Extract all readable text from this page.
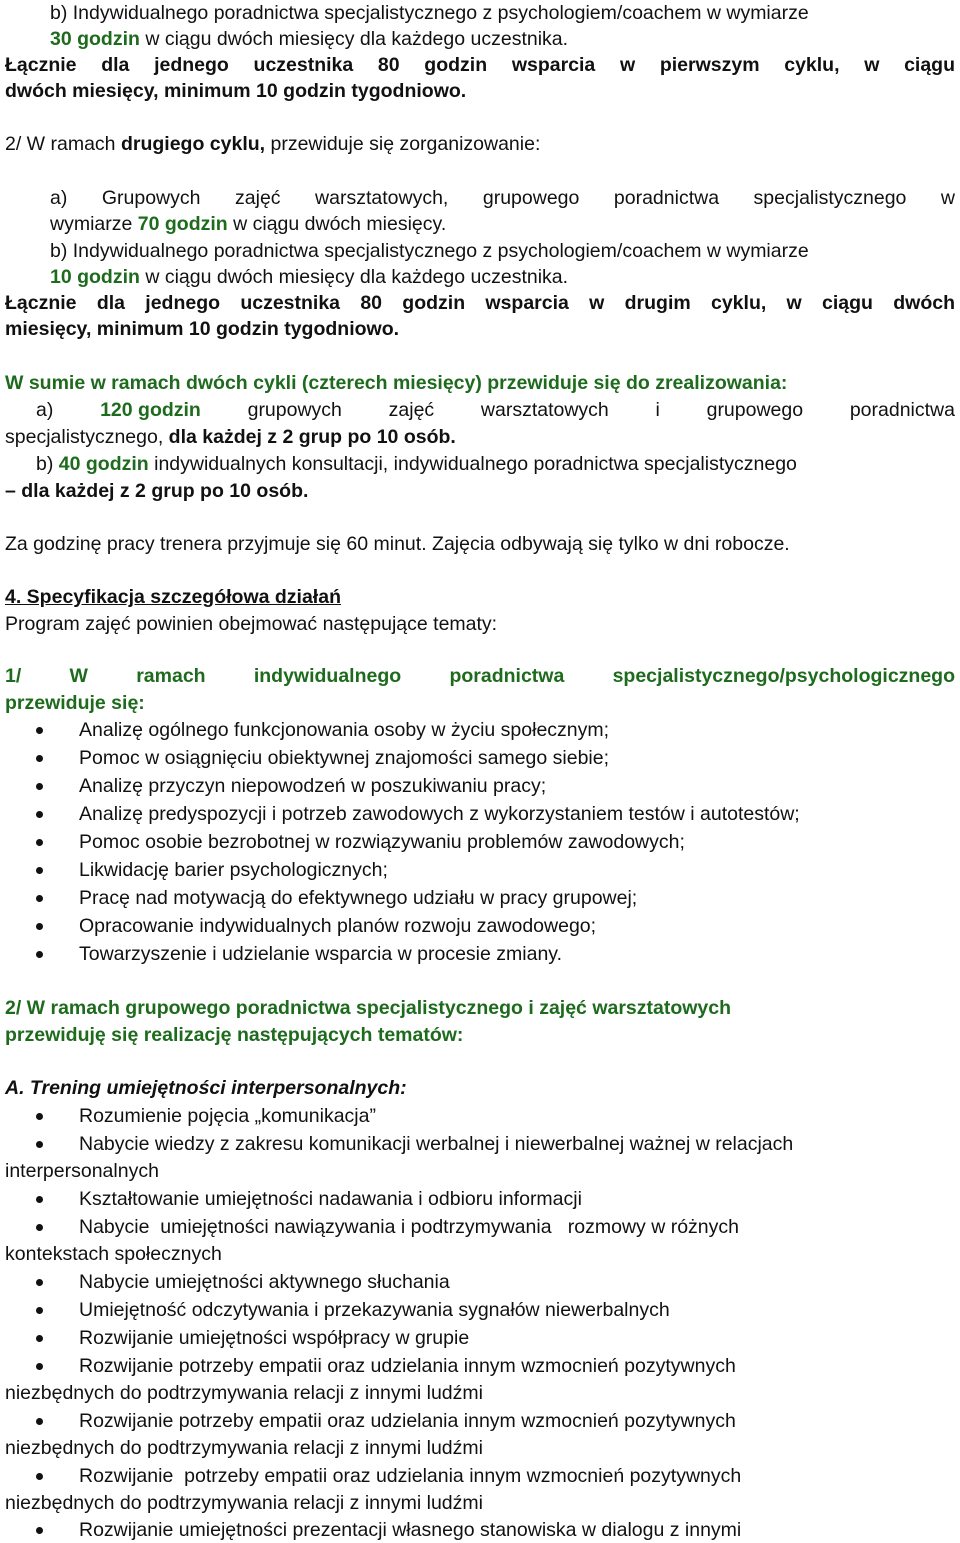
b) Indywidualnego poradnictwa specjalistycznego z psychologiem/coachem w wymiarze
30 godzin w ciągu dwóch miesięcy dla każdego uczestnika.
Łącznie dla jednego uczestnika 80 godzin wsparcia w pierwszym cyklu, w ciągu
dwóch miesięcy, minimum 10 godzin tygodniowo.
2/ W ramach drugiego cyklu, przewiduje się zorganizowanie:
a) Grupowych zajęć warsztatowych, grupowego poradnictwa specjalistycznego w
wymiarze 70 godzin w ciągu dwóch miesięcy.
b) Indywidualnego poradnictwa specjalistycznego z psychologiem/coachem w wymiarze
10 godzin w ciągu dwóch miesięcy dla każdego uczestnika.
Łącznie dla jednego uczestnika 80 godzin wsparcia w drugim cyklu, w ciągu dwóch
miesięcy, minimum 10 godzin tygodniowo.
W sumie w ramach dwóch cykli (czterech miesięcy) przewiduje się do zrealizowania:
a) 120 godzin grupowych zajęć warsztatowych i grupowego poradnictwa
specjalistycznego, dla każdej z 2 grup po 10 osób.
b) 40 godzin indywidualnych konsultacji, indywidualnego poradnictwa specjalistycznego
– dla każdej z 2 grup po 10 osób.
Za godzinę pracy trenera przyjmuje się 60 minut. Zajęcia odbywają się tylko w dni robocze.
4. Specyfikacja szczegółowa działań
Program zajęć powinien obejmować następujące tematy:
1/ W ramach indywidualnego poradnictwa specjalistycznego/psychologicznego
przewiduje się:
Analizę ogólnego funkcjonowania osoby w życiu społecznym;
Pomoc w osiągnięciu obiektywnej znajomości samego siebie;
Analizę przyczyn niepowodzeń w poszukiwaniu pracy;
Analizę predyspozycji i potrzeb zawodowych z wykorzystaniem testów i autotestów;
Pomoc osobie bezrobotnej w rozwiązywaniu problemów zawodowych;
Likwidację barier psychologicznych;
Pracę nad motywacją do efektywnego udziału w pracy grupowej;
Opracowanie indywidualnych planów rozwoju zawodowego;
Towarzyszenie i udzielanie wsparcia w procesie zmiany.
2/ W ramach grupowego poradnictwa specjalistycznego i zajęć warsztatowych
przewiduję się realizację następujących tematów:
A. Trening umiejętności interpersonalnych:
Rozumienie pojęcia „komunikacja”
Nabycie wiedzy z zakresu komunikacji werbalnej i niewerbalnej ważnej w relacjach
interpersonalnych
Kształtowanie umiejętności nadawania i odbioru informacji
Nabycie  umiejętności nawiązywania i podtrzymywania   rozmowy w różnych
kontekstach społecznych
Nabycie umiejętności aktywnego słuchania
Umiejętność odczytywania i przekazywania sygnałów niewerbalnych
Rozwijanie umiejętności współpracy w grupie
Rozwijanie potrzeby empatii oraz udzielania innym wzmocnień pozytywnych
niezbędnych do podtrzymywania relacji z innymi ludźmi
Rozwijanie potrzeby empatii oraz udzielania innym wzmocnień pozytywnych
niezbędnych do podtrzymywania relacji z innymi ludźmi
Rozwijanie  potrzeby empatii oraz udzielania innym wzmocnień pozytywnych
niezbędnych do podtrzymywania relacji z innymi ludźmi
Rozwijanie umiejętności prezentacji własnego stanowiska w dialogu z innymi
